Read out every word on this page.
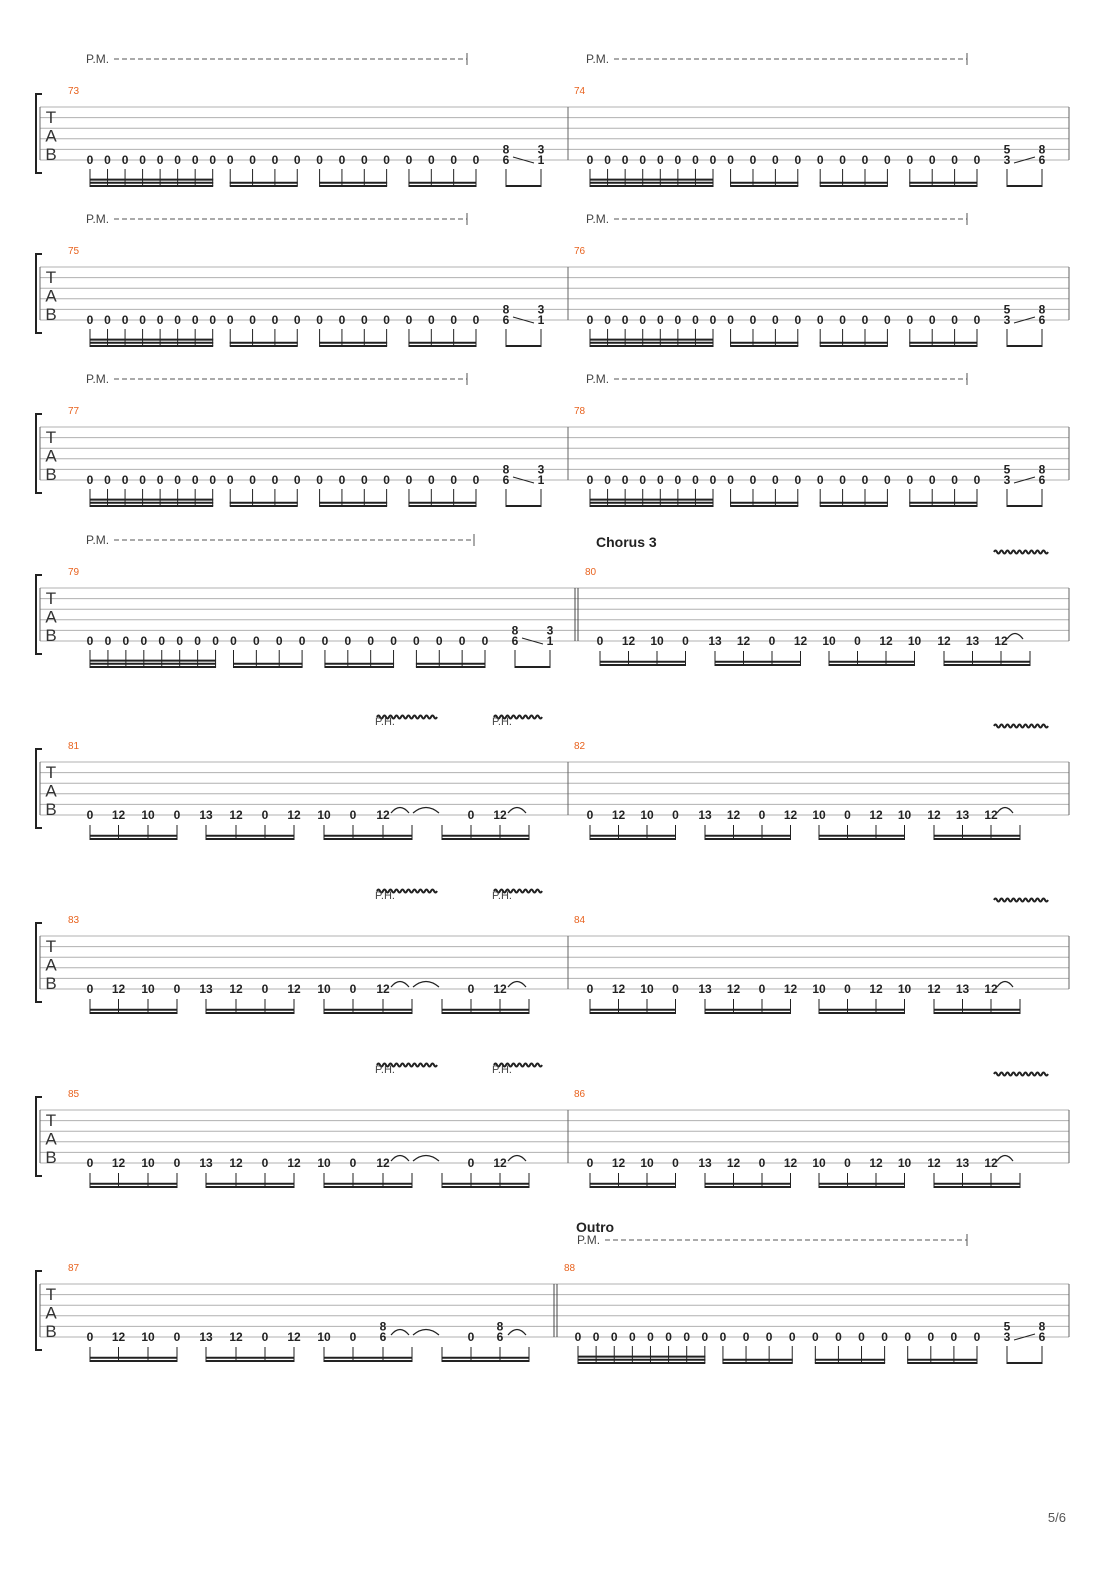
T
A
B
73
0 0 0 0 0 0 0 0 0 0 0 0 0 0 0 0 0 0 0 0
8
6
3
1
P.M.
74
0 0 0 0 0 0 0 0 0 0 0 0 0 0 0 0 0 0 0 0
5
3
8
6
P.M.
T
A
B
75
0 0 0 0 0 0 0 0 0 0 0 0 0 0 0 0 0 0 0 0
8
6
3
1
P.M.
76
0 0 0 0 0 0 0 0 0 0 0 0 0 0 0 0 0 0 0 0
5
3
8
6
P.M.
T
A
B
77
0 0 0 0 0 0 0 0 0 0 0 0 0 0 0 0 0 0 0 0
8
6
3
1
P.M.
78
0 0 0 0 0 0 0 0 0 0 0 0 0 0 0 0 0 0 0 0
5
3
8
6
P.M.
T
A
B
79
0 0 0 0 0 0 0 0 0 0 0 0 0 0 0 0 0 0 0 0
8
6
3
1
P.M.
80
Chorus 3
0 12 10 0 13 12 0 12 10 0 12 10 12 13 12
T
A
B
81
0 12 10 0 13 12 0 12 10 0 12	0 12
P.H.	P.H.
82
0 12 10 0 13 12 0 12 10 0 12 10 12 13 12
T
A
B
83
0 12 10 0 13 12 0 12 10 0 12	0 12
P.H.	P.H.
84
0 12 10 0 13 12 0 12 10 0 12 10 12 13 12
T
A
B
85
0 12 10 0 13 12 0 12 10 0 12	0 12
P.H.	P.H.
86
0 12 10 0 13 12 0 12 10 0 12 10 12 13 12
T
A
B
87
0 12 10 0 13 12 0 12 10 0 6	0 6
8	8
88
Outro
0 0 0 0 0 0 0 0 0 0 0 0 0 0 0 0 0 0 0 0
5
3
8
6
P.M.
5/6
